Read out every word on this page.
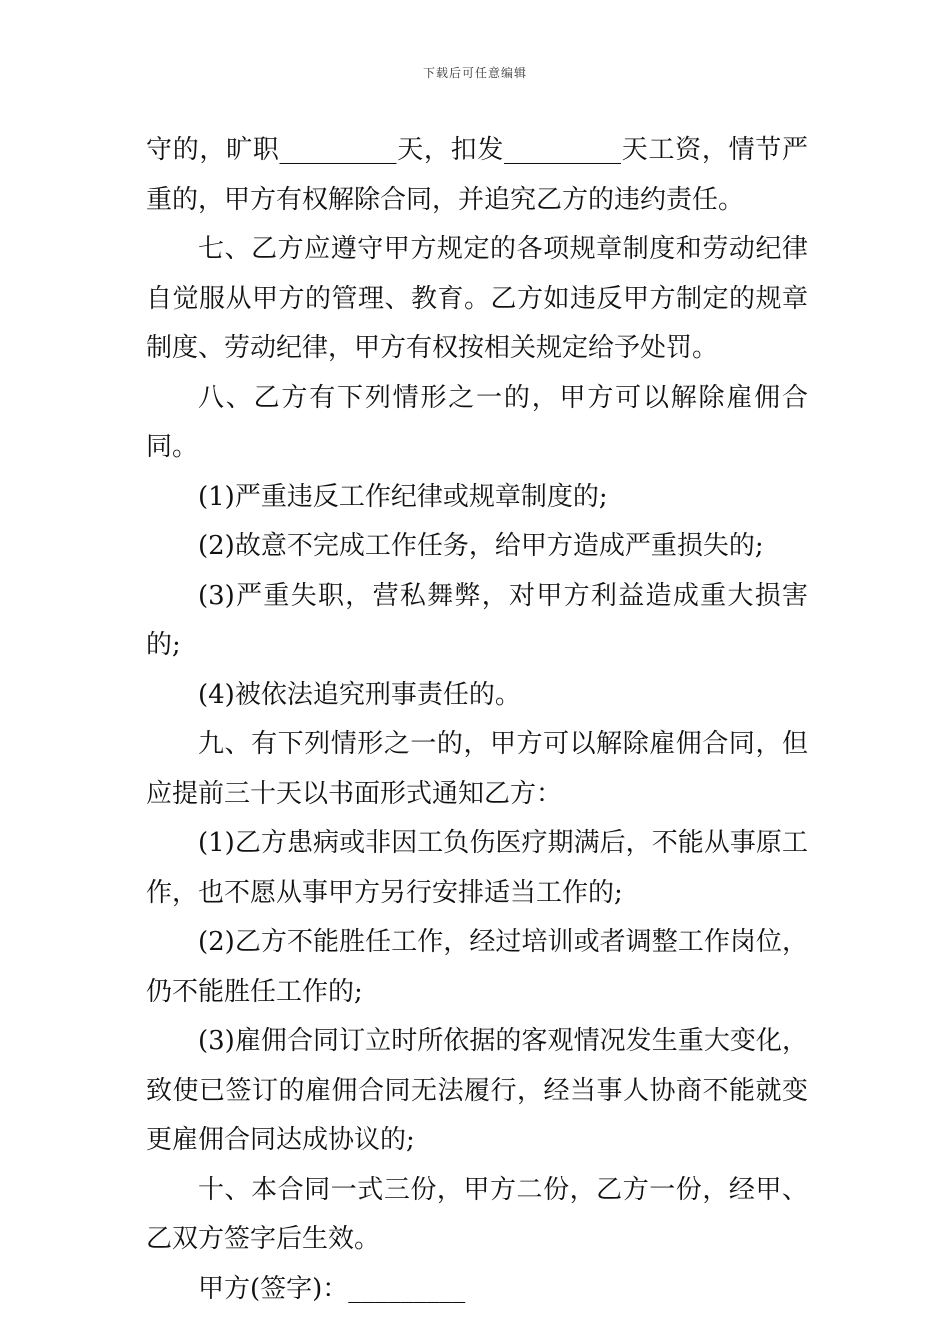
下载后可任意编辑

守的，旷职_________天，扣发_________天工资，情节严重的，甲方有权解除合同，并追究乙方的违约责任。

七、乙方应遵守甲方规定的各项规章制度和劳动纪律自觉服从甲方的管理、教育。乙方如违反甲方制定的规章制度、劳动纪律，甲方有权按相关规定给予处罚。

八、乙方有下列情形之一的，甲方可以解除雇佣合同。

(1)严重违反工作纪律或规章制度的;

(2)故意不完成工作任务，给甲方造成严重损失的;

(3)严重失职，营私舞弊，对甲方利益造成重大损害的;

(4)被依法追究刑事责任的。

九、有下列情形之一的，甲方可以解除雇佣合同，但应提前三十天以书面形式通知乙方：

(1)乙方患病或非因工负伤医疗期满后，不能从事原工作，也不愿从事甲方另行安排适当工作的;

(2)乙方不能胜任工作，经过培训或者调整工作岗位，仍不能胜任工作的;

(3)雇佣合同订立时所依据的客观情况发生重大变化，致使已签订的雇佣合同无法履行，经当事人协商不能就变更雇佣合同达成协议的;

十、本合同一式三份，甲方二份，乙方一份，经甲、乙双方签字后生效。

甲方(签字)：_________
